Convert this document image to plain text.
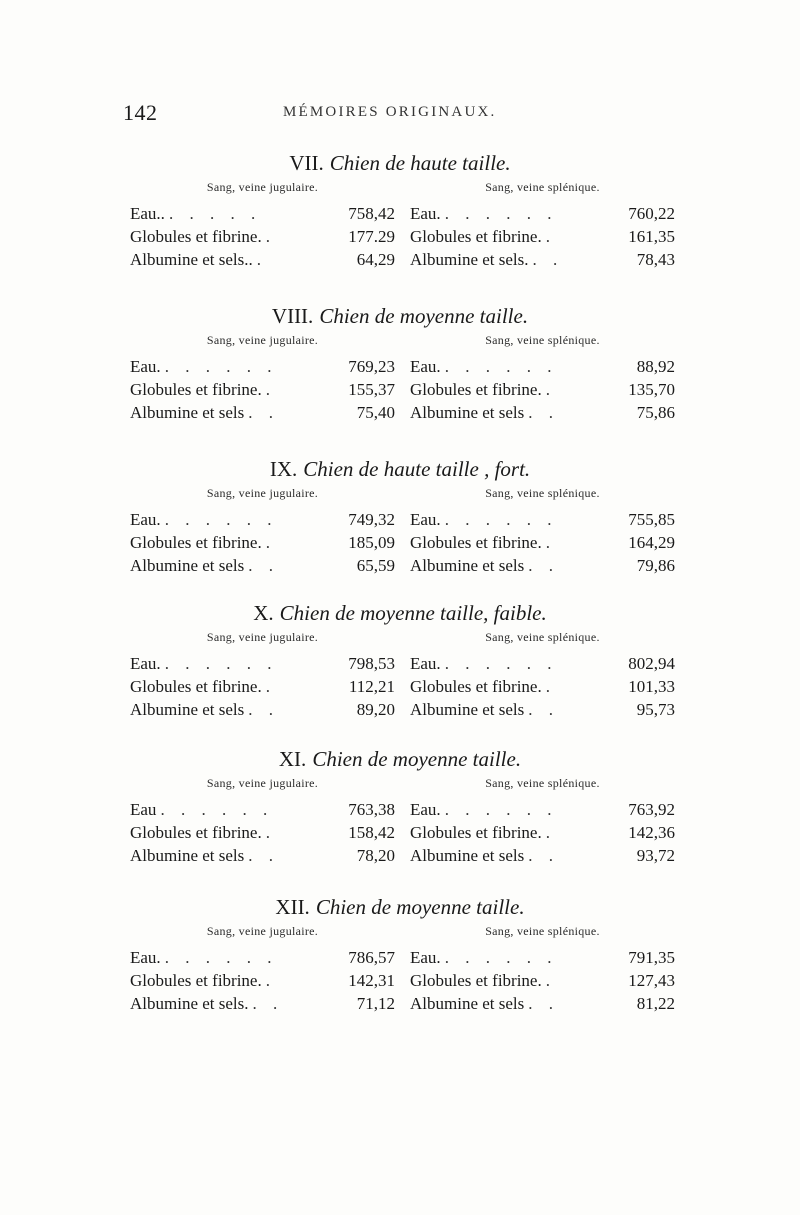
142	MÉMOIRES ORIGINAUX.
VII. Chien de haute taille.
Sang, veine jugulaire.
Eau.. . . . . .	758,42
Globules et fibrine. .	177.29
Albumine et sels.. .	64,29
Sang, veine splénique.
Eau. . . . . . .	760,22
Globules et fibrine. .	161,35
Albumine et sels. . .	78,43
VIII. Chien de moyenne taille.
Sang, veine jugulaire.
Eau. . . . . . .	769,23
Globules et fibrine. .	155,37
Albumine et sels . .	75,40
Sang, veine splénique.
Eau. . . . . . .	88,92
Globules et fibrine. .	135,70
Albumine et sels . .	75,86
IX. Chien de haute taille , fort.
Sang, veine jugulaire.
Eau. . . . . . .	749,32
Globules et fibrine. .	185,09
Albumine et sels . .	65,59
Sang, veine splénique.
Eau. . . . . . .	755,85
Globules et fibrine. .	164,29
Albumine et sels . .	79,86
X. Chien de moyenne taille, faible.
Sang, veine jugulaire.
Eau. . . . . . .	798,53
Globules et fibrine. .	112,21
Albumine et sels . .	89,20
Sang, veine splénique.
Eau. . . . . . .	802,94
Globules et fibrine. .	101,33
Albumine et sels . .	95,73
XI. Chien de moyenne taille.
Sang, veine jugulaire.
Eau . . . . . .	763,38
Globules et fibrine. .	158,42
Albumine et sels . .	78,20
Sang, veine splénique.
Eau. . . . . . .	763,92
Globules et fibrine. .	142,36
Albumine et sels . .	93,72
XII. Chien de moyenne taille.
Sang, veine jugulaire.
Eau. . . . . . .	786,57
Globules et fibrine. .	142,31
Albumine et sels. . .	71,12
Sang, veine splénique.
Eau. . . . . . .	791,35
Globules et fibrine. .	127,43
Albumine et sels . .	81,22
